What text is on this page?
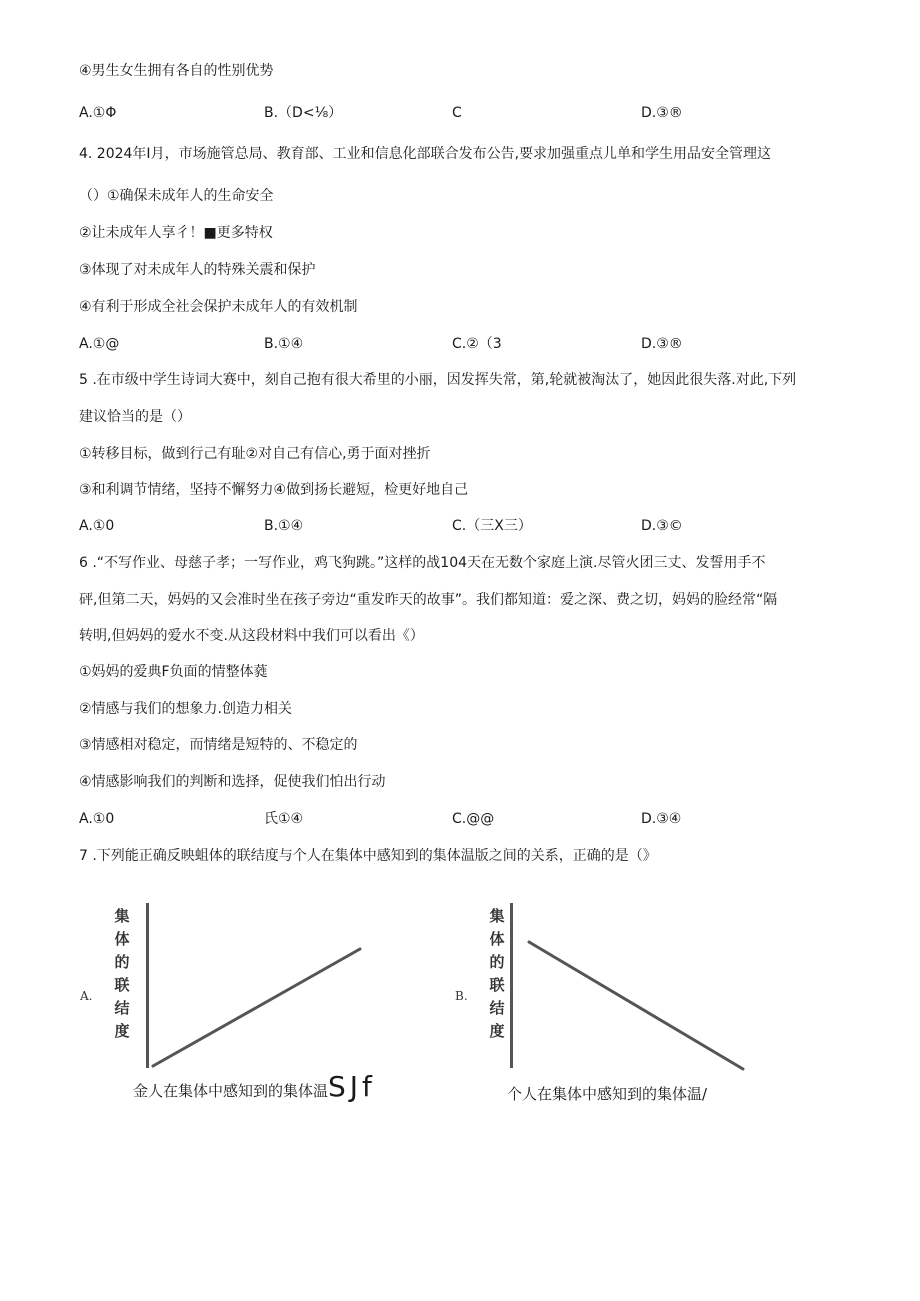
④男生女生拥有各自的性别优势
A.①Φ	B.（D<⅛）	C	D.③®
4. 2024年Ⅰ月，市场施管总局、教育部、工业和信息化部联合发布公告,要求加强重点儿单和学生用品安全管理这
（）①确保未成年人的生命安全
②让未成年人享彳！■更多特权
③体现了对未成年人的特殊关震和保护
④有利于形成全社会保护未成年人的有效机制
A.①@	B.①④	C.②（3	D.③®
5 .在市级中学生诗词大赛中，刻自己抱有很大希里的小丽，因发挥失常，第,轮就被淘汰了，她因此很失落.对此,下列
建议恰当的是（）
①转移目标，做到行己有耻②对自己有信心,勇于面对挫折
③和利调节情绪，坚持不懈努力④做到扬长避短，检更好地自己
A.①0	B.①④	C.（三X三）	D.③©
6 .“不写作业、母慈子孝；一写作业，鸡飞狗跳。”这样的战104天在无数个家庭上演.尽管火团三丈、发誓用手不
砰,但第二天，妈妈的又会准时坐在孩子旁边“重发昨天的故事”。我们都知道：爱之深、费之切，妈妈的脸经常“隔
转明,但妈妈的爱水不变.从这段材料中我们可以看出《）
①妈妈的爱典F负面的情整体蕤
②情感与我们的想象力.创造力相关
③情感相对稳定，而情绪是短特的、不稳定的
④情感影响我们的判断和选择，促使我们怕出行动
A.①0	氏①④	C.@@	D.③④
7 .下列能正确反映蛆体的联结度与个人在集体中感知到的集体温版之间的关系，正确的是（》
A.
集
体
的
联
结
度
金人在集体中感知到的集体温SJf
B.
集
体
的
联
结
度
个人在集体中感知到的集体温/
